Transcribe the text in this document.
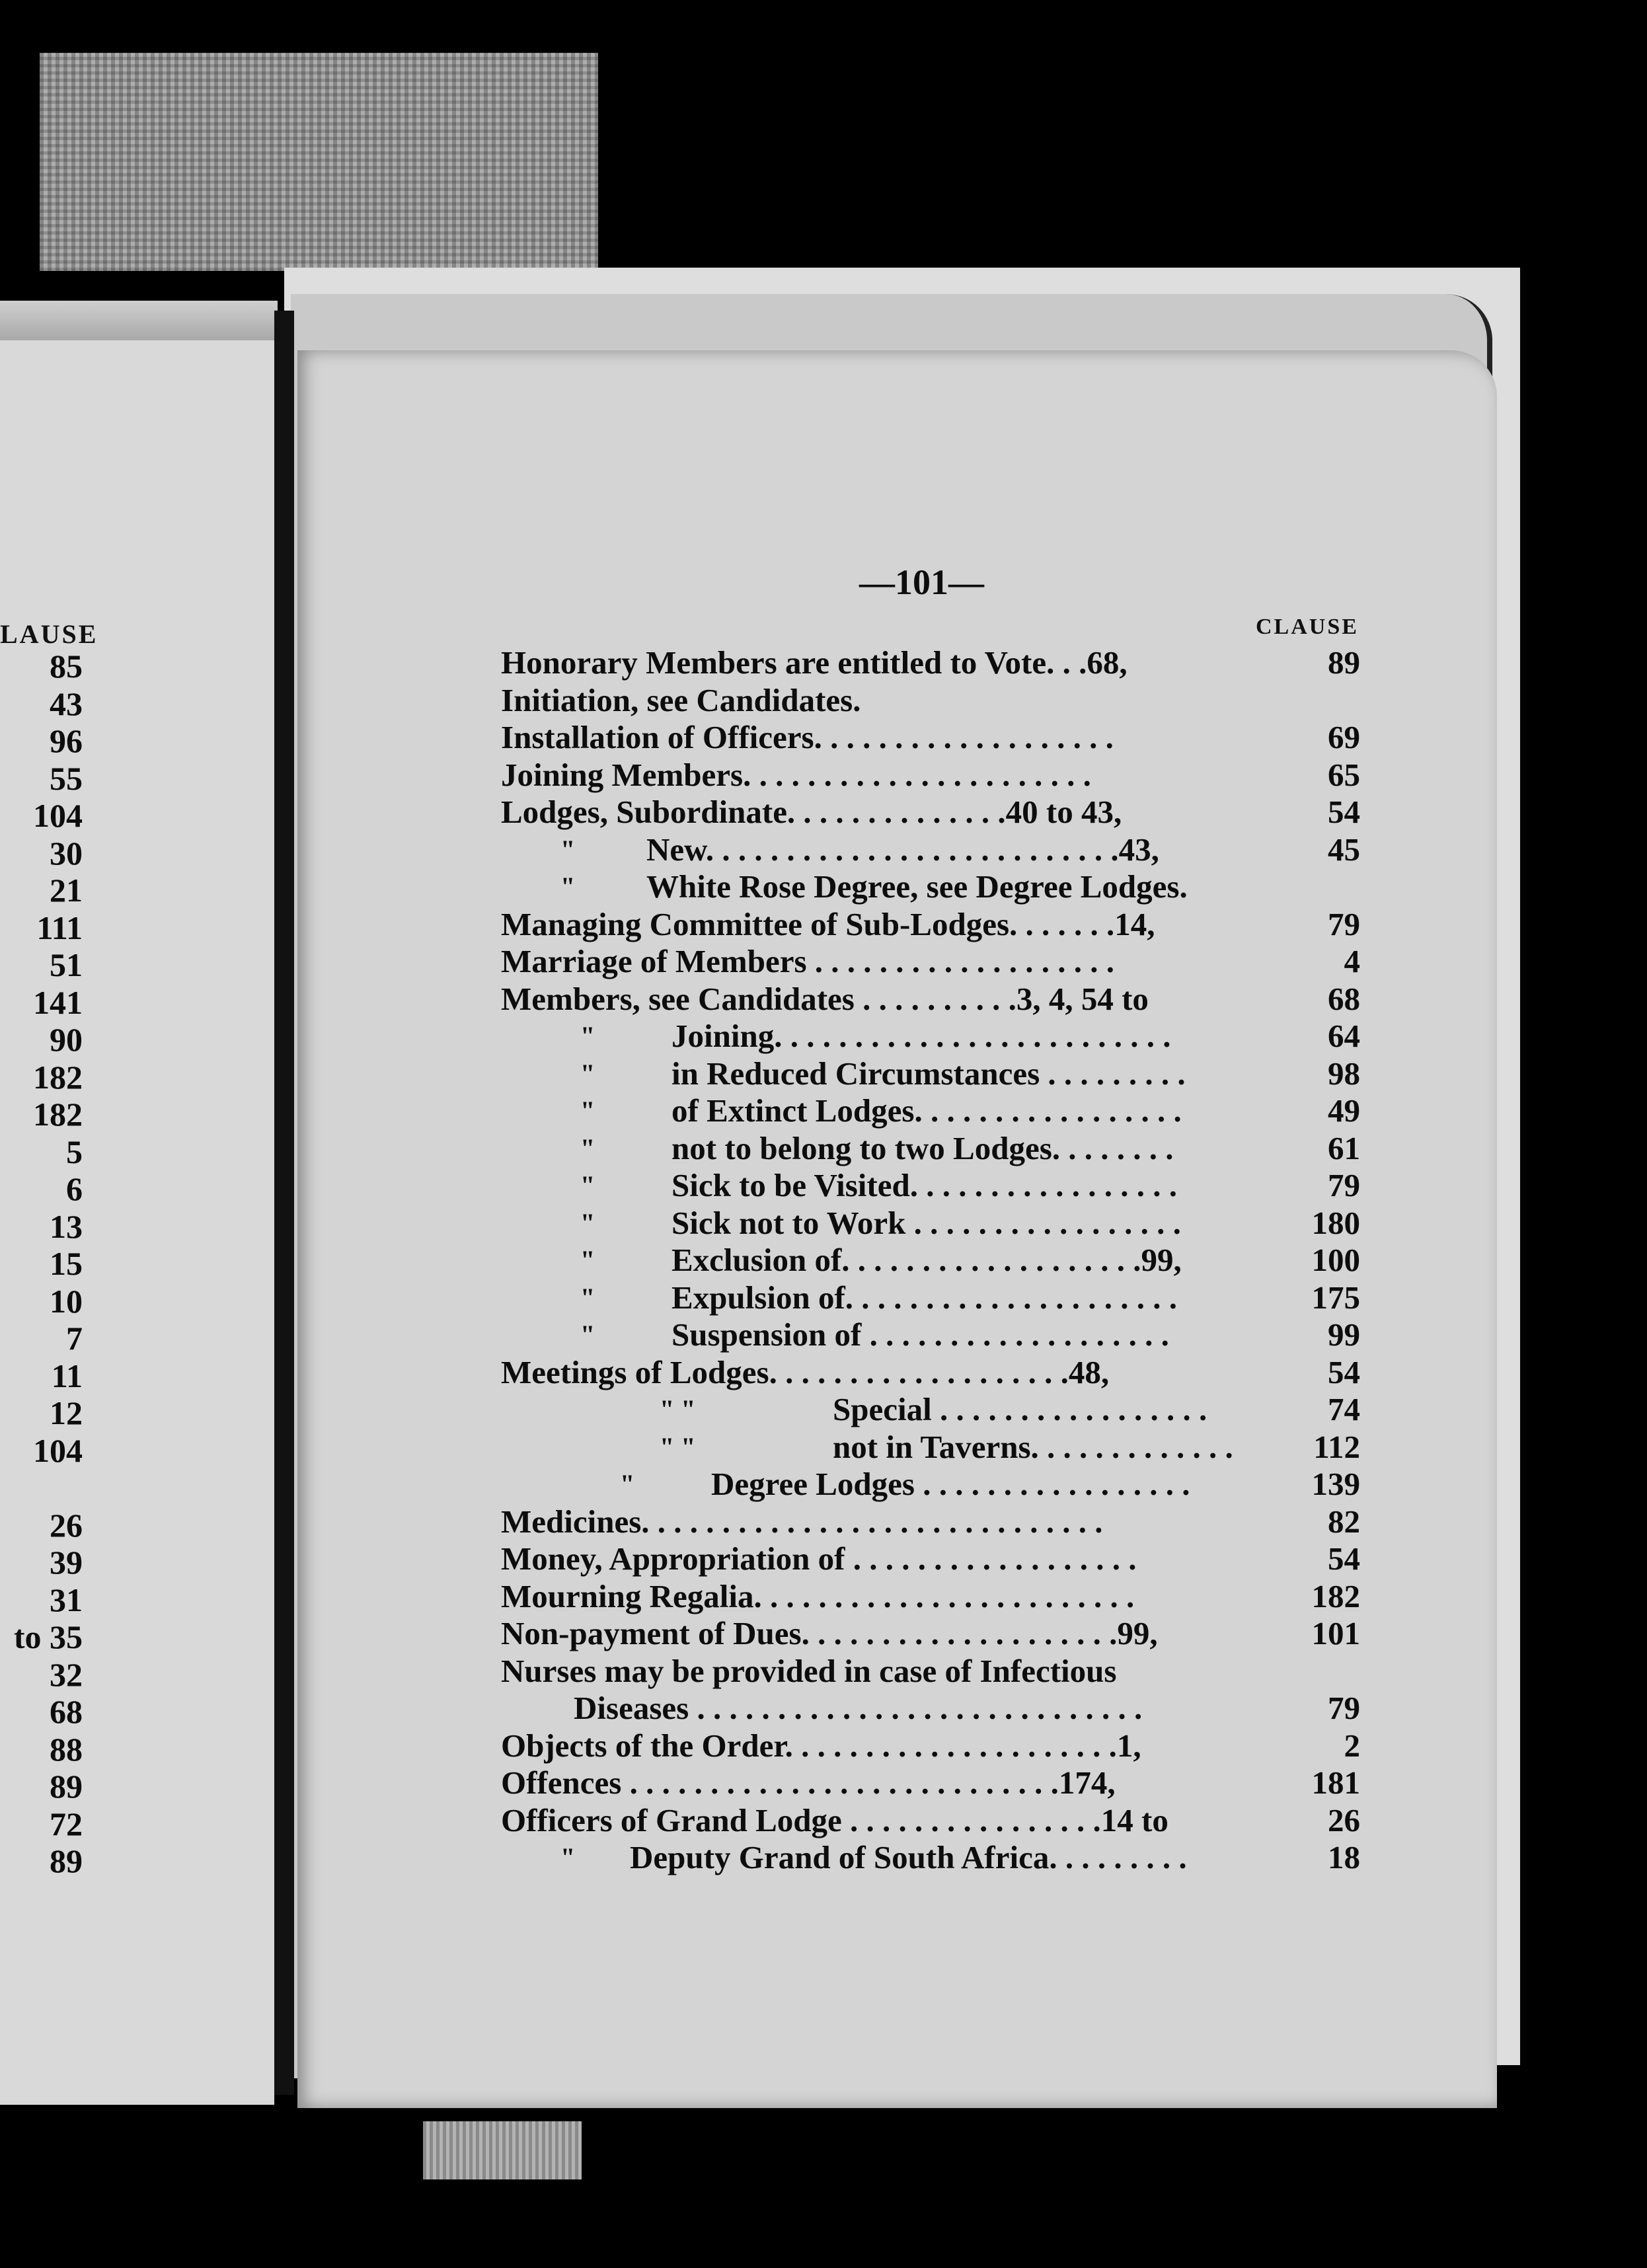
LAUSE
85
43
96
55
104
30
21
111
51
141
90
182
182
5
6
13
15
10
7
11
12
104
26
39
31
to 35
32
68
88
89
72
89
—101—
CLAUSE
Honorary Members are entitled to Vote. . .68,	89
Initiation, see Candidates.
Installation of Officers. . . . . . . . . . . . . . . . . . .	69
Joining Members. . . . . . . . . . . . . . . . . . . . . .	65
Lodges, Subordinate. . . . . . . . . . . . . .40 to 43,	54
" New. . . . . . . . . . . . . . . . . . . . . . . . . .43,	45
" White Rose Degree, see Degree Lodges.
Managing Committee of Sub-Lodges. . . . . . .14,	79
Marriage of Members . . . . . . . . . . . . . . . . . . .	4
Members, see Candidates . . . . . . . . . .3, 4, 54 to	68
" Joining. . . . . . . . . . . . . . . . . . . . . . . . .	64
" in Reduced Circumstances . . . . . . . . .	98
" of Extinct Lodges. . . . . . . . . . . . . . . . .	49
" not to belong to two Lodges. . . . . . . .	61
" Sick to be Visited. . . . . . . . . . . . . . . . .	79
" Sick not to Work . . . . . . . . . . . . . . . . .	180
" Exclusion of. . . . . . . . . . . . . . . . . . .99,	100
" Expulsion of. . . . . . . . . . . . . . . . . . . . .	175
" Suspension of . . . . . . . . . . . . . . . . . . .	99
Meetings of Lodges. . . . . . . . . . . . . . . . . . .48,	54
" "	Special . . . . . . . . . . . . . . . . .	74
" "	not in Taverns. . . . . . . . . . . . . 112
" Degree Lodges . . . . . . . . . . . . . . . . .	139
Medicines. . . . . . . . . . . . . . . . . . . . . . . . . . . . .	82
Money, Appropriation of . . . . . . . . . . . . . . . . . .	54
Mourning Regalia. . . . . . . . . . . . . . . . . . . . . . . .	182
Non-payment of Dues. . . . . . . . . . . . . . . . . . . .99,	101
Nurses may be provided in case of Infectious
Diseases . . . . . . . . . . . . . . . . . . . . . . . . . . . .	79
Objects of the Order. . . . . . . . . . . . . . . . . . . . .1,	2
Offences . . . . . . . . . . . . . . . . . . . . . . . . . . .174,	181
Officers of Grand Lodge . . . . . . . . . . . . . . . .14 to	26
" Deputy Grand of South Africa. . . . . . . . .	18
